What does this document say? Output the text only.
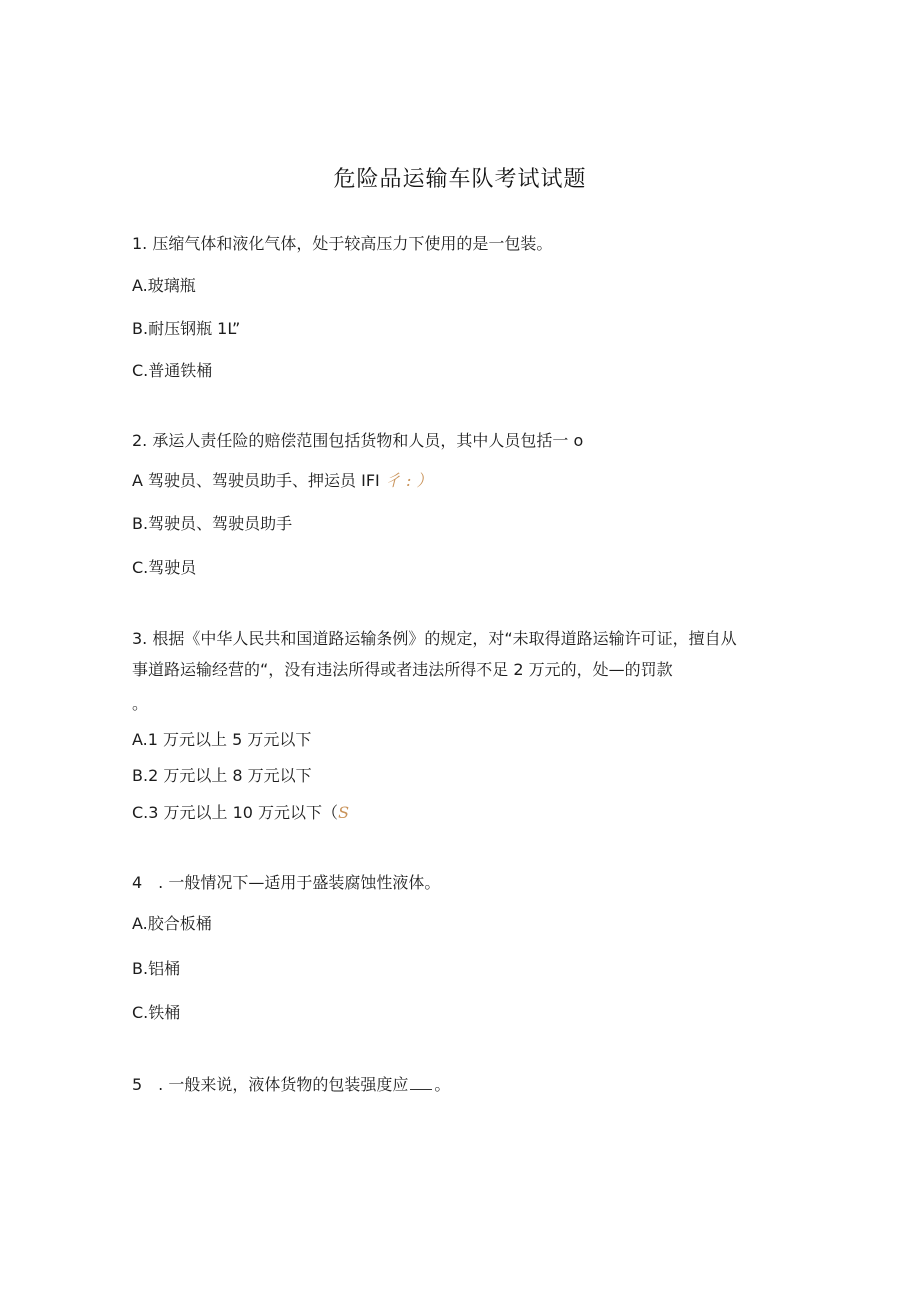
危险品运输车队考试试题
1. 压缩气体和液化气体，处于较高压力下使用的是一包装。
A.玻璃瓶
B.耐压钢瓶 1L”
C.普通铁桶
2. 承运人责任险的赔偿范围包括货物和人员，其中人员包括一 o
A 驾驶员、驾驶员助手、押运员 IFI 彳 : ）
B.驾驶员、驾驶员助手
C.驾驶员
3. 根据《中华人民共和国道路运输条例》的规定，对“未取得道路运输许可证，擅自从
事道路运输经营的“，没有违法所得或者违法所得不足 2 万元的，处—的罚款
。
A.1 万元以上 5 万元以下
B.2 万元以上 8 万元以下
C.3 万元以上 10 万元以下（S
4　. 一般情况下—适用于盛装腐蚀性液体。
A.胶合板桶
B.铝桶
C.铁桶
5　. 一般来说，液体货物的包装强度应 。
